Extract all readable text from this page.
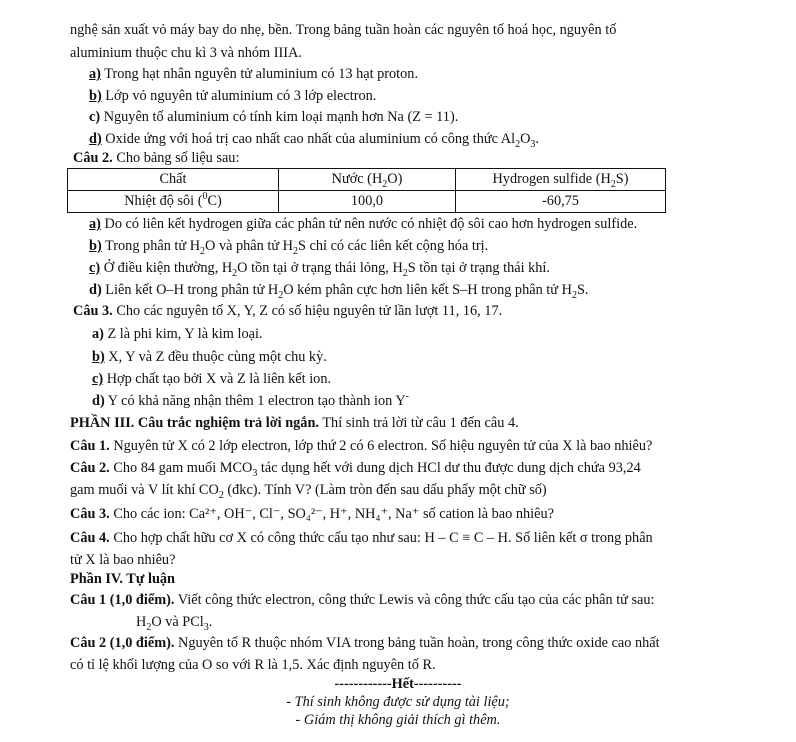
nghệ sản xuất vỏ máy bay do nhẹ, bền. Trong bảng tuần hoàn các nguyên tố hoá học, nguyên tố
aluminium thuộc chu kì 3 và nhóm IIIA.
a) Trong hạt nhân nguyên tử aluminium có 13 hạt proton.
b) Lớp vỏ nguyên tử aluminium có 3 lớp electron.
c) Nguyên tố aluminium có tính kim loại mạnh hơn Na (Z = 11).
d) Oxide ứng với hoá trị cao nhất cao nhất của aluminium có công thức $Al_2O_3$.
Câu 2. Cho bảng số liệu sau:
Chất	Nước $(H_2O)$	Hydrogen sulfide $(H_2S)$
Nhiệt độ sôi ($^0$C)	100,0	-60,75
a) Do có liên kết hydrogen giữa các phân tử nên nước có nhiệt độ sôi cao hơn hydrogen sulfide.
b) Trong phân tử $H_2O$ và phân tử $H_2S$ chỉ có các liên kết cộng hóa trị.
c) Ở điều kiện thường, $H_2O$ tồn tại ở trạng thái lỏng, $H_2S$ tồn tại ở trạng thái khí.
d) Liên kết O–H trong phân tử $H_2O$ kém phân cực hơn liên kết S–H trong phân tử $H_2S$.
Câu 3. Cho các nguyên tố X, Y, Z có số hiệu nguyên tử lần lượt 11, 16, 17.
a) Z là phi kim, Y là kim loại.
b) X, Y và Z đều thuộc cùng một chu kỳ.
c) Hợp chất tạo bởi X và Z là liên kết ion.
d) Y có khả năng nhận thêm 1 electron tạo thành ion Y-
PHẦN III. Câu trắc nghiệm trả lời ngắn. Thí sinh trả lời từ câu 1 đến câu 4.
Câu 1. Nguyên tử X có 2 lớp electron, lớp thứ 2 có 6 electron. Số hiệu nguyên tử của X là bao nhiêu?
Câu 2. Cho 84 gam muối $MCO_3$ tác dụng hết với dung dịch HCl dư thu được dung dịch chứa 93,24
gam muối và V lít khí $CO_2$ (đkc). Tính V? (Làm tròn đến sau dấu phẩy một chữ số)
Câu 3. Cho các ion: Ca²⁺, OH⁻, Cl⁻, SO₄²⁻, H⁺, NH₄⁺, Na⁺ số cation là bao nhiêu?
Câu 4. Cho hợp chất hữu cơ X có công thức cấu tạo như sau: H – C ≡ C – H. Số liên kết σ trong phân
tử X là bao nhiêu?
Phần IV. Tự luận
Câu 1 (1,0 điểm). Viết công thức electron, công thức Lewis và công thức cấu tạo của các phân tử sau:
$H_2O$ và PCl$_3$.
Câu 2 (1,0 điểm). Nguyên tố R thuộc nhóm VIA trong bảng tuần hoàn, trong công thức oxide cao nhất
có tỉ lệ khối lượng của O so với R là 1,5. Xác định nguyên tố R.
------------Hết----------
- Thí sinh không được sử dụng tài liệu;
- Giám thị không giải thích gì thêm.
